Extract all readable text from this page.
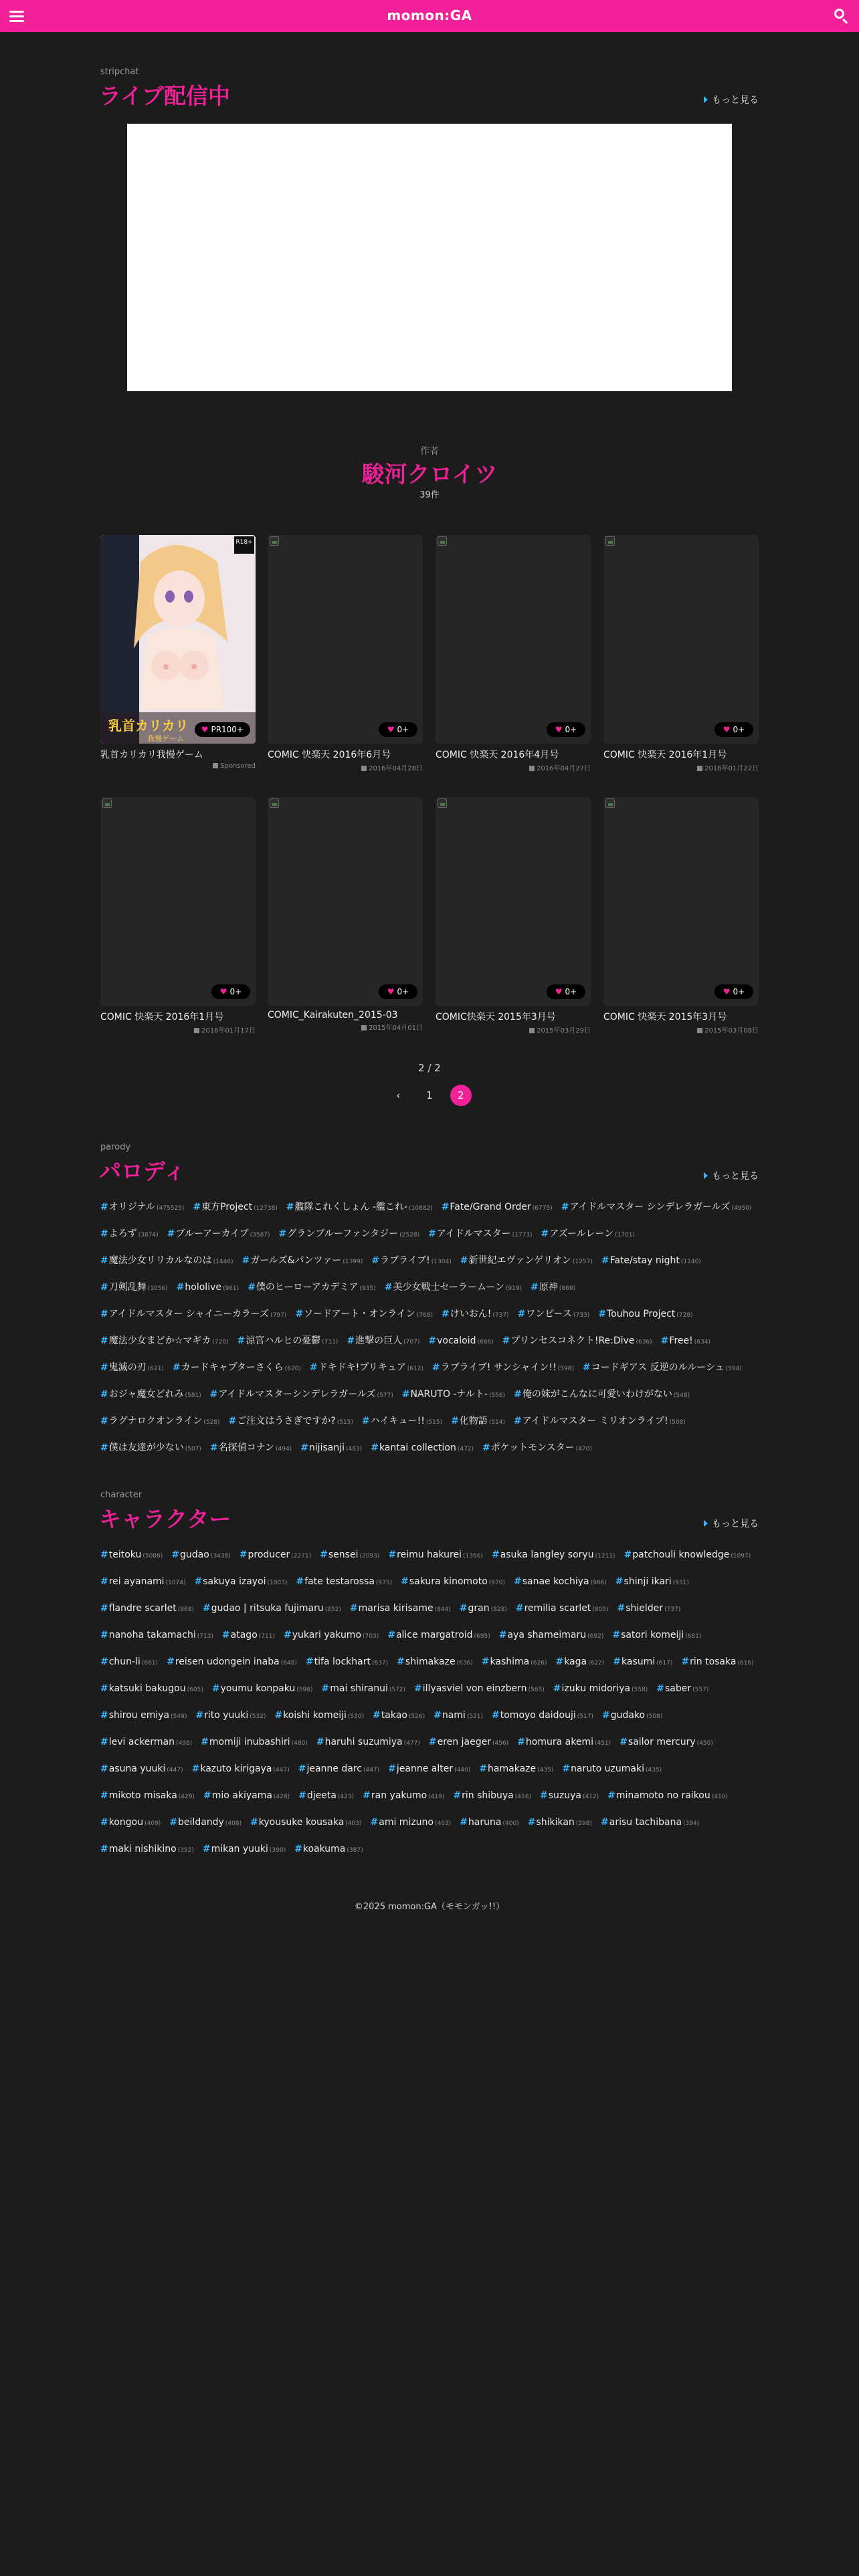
momon:GA
stripchat
ライブ配信中	もっと見る
作者
駿河クロイツ
39件
R18+
乳首カリカリ
我慢ゲーム
♥ PR100+
乳首カリカリ我慢ゲーム
Sponsored
♥ 0+
COMIC 快楽天 2016年6月号
2016年04月28日
♥ 0+
COMIC 快楽天 2016年4月号
2016年04月27日
♥ 0+
COMIC 快楽天 2016年1月号
2016年01月22日
♥ 0+
COMIC 快楽天 2016年1月号
2016年01月17日
♥ 0+
COMIC_Kairakuten_2015-03
2015年04月01日
♥ 0+
COMIC快楽天 2015年3月号
2015年03月29日
♥ 0+
COMIC 快楽天 2015年3月号
2015年03月08日
2 / 2
‹	1 2
parody
パロディ	もっと見る
#オリジナル (475525) #東方Project (12738) #艦隊これくしょん -艦これ- (10882) #Fate/Grand Order (6775) #アイドルマスター シンデレラガールズ (4950)#よろず (3874) #ブルーアーカイブ (3587) #グランブルーファンタジー (2528) #アイドルマスター (1773) #アズールレーン (1701)#魔法少女リリカルなのは (1446) #ガールズ&パンツァー (1399) #ラブライブ! (1304) #新世紀エヴァンゲリオン (1257) #Fate/stay night (1140)#刀剣乱舞 (1056) #hololive (961) #僕のヒーローアカデミア (935) #美少女戦士セーラームーン (919) #原神 (869)#アイドルマスター シャイニーカラーズ (797) #ソードアート・オンライン (768) #けいおん! (737) #ワンピース (733) #Touhou Project (728)#魔法少女まどか☆マギカ (720) #涼宮ハルヒの憂鬱 (711) #進撃の巨人 (707) #vocaloid (686) #プリンセスコネクト!Re:Dive (636) #Free! (634)#鬼滅の刃 (621) #カードキャプターさくら (620) #ドキドキ!プリキュア (612) #ラブライブ! サンシャイン!! (598) #コードギアス 反逆のルルーシュ (594)#おジャ魔女どれみ (581) #アイドルマスターシンデレラガールズ (577) #NARUTO -ナルト- (556) #俺の妹がこんなに可愛いわけがない (548)#ラグナロクオンライン (528) #ご注文はうさぎですか? (515) #ハイキュー!! (515) #化物語 (514) #アイドルマスター ミリオンライブ! (508)#僕は友達が少ない (507) #名探偵コナン (494) #nijisanji (483) #kantai collection (472) #ポケットモンスター (470)
character
キャラクター	もっと見る
#teitoku (5086) #gudao (3438) #producer (2271) #sensei (2093) #reimu hakurei (1366) #asuka langley soryu (1211) #patchouli knowledge (1097)#rei ayanami (1074) #sakuya izayoi (1003) #fate testarossa (975) #sakura kinomoto (970) #sanae kochiya (966) #shinji ikari (931)#flandre scarlet (868) #gudao | ritsuka fujimaru (852) #marisa kirisame (844) #gran (828) #remilia scarlet (805) #shielder (737)#nanoha takamachi (713) #atago (711) #yukari yakumo (703) #alice margatroid (695) #aya shameimaru (692) #satori komeiji (681)#chun-li (661) #reisen udongein inaba (648) #tifa lockhart (637) #shimakaze (636) #kashima (626) #kaga (622) #kasumi (617) #rin tosaka (616)#katsuki bakugou (605) #youmu konpaku (598) #mai shiranui (572) #illyasviel von einzbern (565) #izuku midoriya (558) #saber (557)#shirou emiya (549) #rito yuuki (532) #koishi komeiji (530) #takao (526) #nami (521) #tomoyo daidouji (517) #gudako (508)#levi ackerman (498) #momiji inubashiri (480) #haruhi suzumiya (477) #eren jaeger (456) #homura akemi (451) #sailor mercury (450)#asuna yuuki (447) #kazuto kirigaya (447) #jeanne darc (447) #jeanne alter (440) #hamakaze (435) #naruto uzumaki (435)#mikoto misaka (429) #mio akiyama (428) #djeeta (423) #ran yakumo (419) #rin shibuya (416) #suzuya (412) #minamoto no raikou (410)#kongou (409) #beildandy (408) #kyousuke kousaka (403) #ami mizuno (403) #haruna (400) #shikikan (398) #arisu tachibana (394)#maki nishikino (392) #mikan yuuki (390) #koakuma (387)
©2025 momon:GA（モモンガッ!!）
